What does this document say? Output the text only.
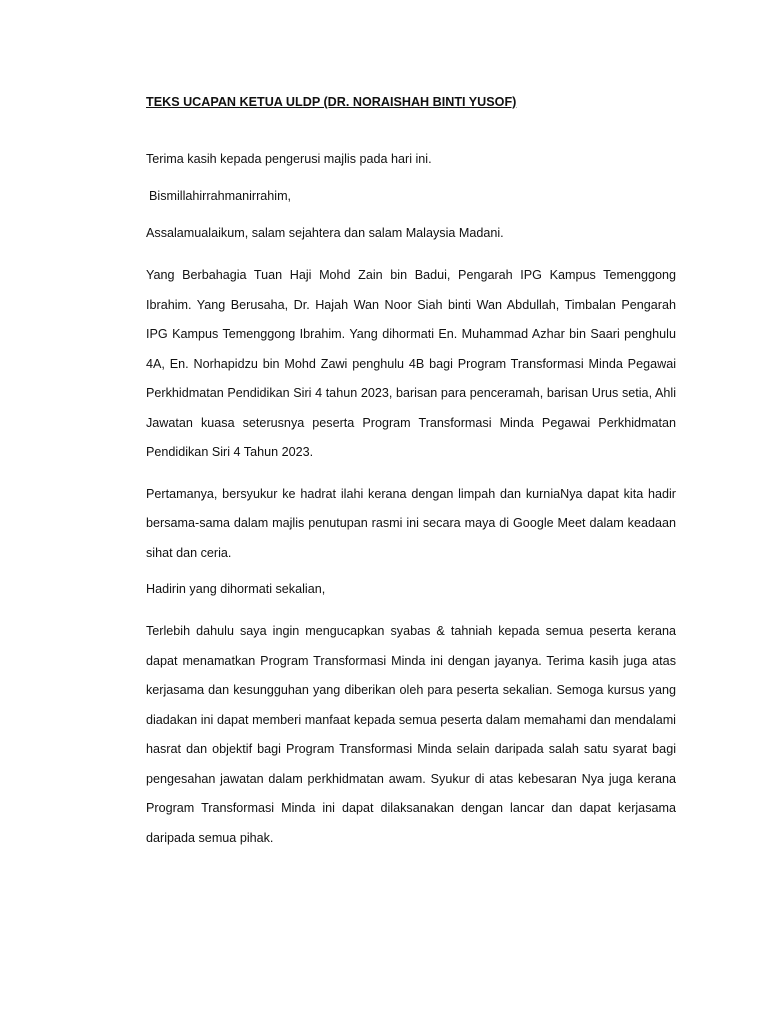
TEKS UCAPAN KETUA ULDP (DR. NORAISHAH BINTI YUSOF)

Terima kasih kepada pengerusi majlis pada hari ini.

Bismillahirrahmanirrahim,

Assalamualaikum, salam sejahtera dan salam Malaysia Madani.

Yang Berbahagia Tuan Haji Mohd Zain bin Badui, Pengarah IPG Kampus Temenggong Ibrahim. Yang Berusaha, Dr. Hajah Wan Noor Siah binti Wan Abdullah, Timbalan Pengarah IPG Kampus Temenggong Ibrahim. Yang dihormati En. Muhammad Azhar bin Saari penghulu 4A, En. Norhapidzu bin Mohd Zawi penghulu 4B bagi Program Transformasi Minda Pegawai Perkhidmatan Pendidikan Siri 4 tahun 2023, barisan para penceramah, barisan Urus setia, Ahli Jawatan kuasa seterusnya peserta Program Transformasi Minda Pegawai Perkhidmatan Pendidikan Siri 4 Tahun 2023.

Pertamanya, bersyukur ke hadrat ilahi kerana dengan limpah dan kurniaNya dapat kita hadir bersama-sama dalam majlis penutupan rasmi ini secara maya di Google Meet dalam keadaan sihat dan ceria.

Hadirin yang dihormati sekalian,

Terlebih dahulu saya ingin mengucapkan syabas & tahniah kepada semua peserta kerana dapat menamatkan Program Transformasi Minda ini dengan jayanya. Terima kasih juga atas kerjasama dan kesungguhan yang diberikan oleh para peserta sekalian. Semoga kursus yang diadakan ini dapat memberi manfaat kepada semua peserta dalam memahami dan mendalami hasrat dan objektif bagi Program Transformasi Minda selain daripada salah satu syarat bagi pengesahan jawatan dalam perkhidmatan awam. Syukur di atas kebesaran Nya juga kerana Program Transformasi Minda ini dapat dilaksanakan dengan lancar dan dapat kerjasama daripada semua pihak.
